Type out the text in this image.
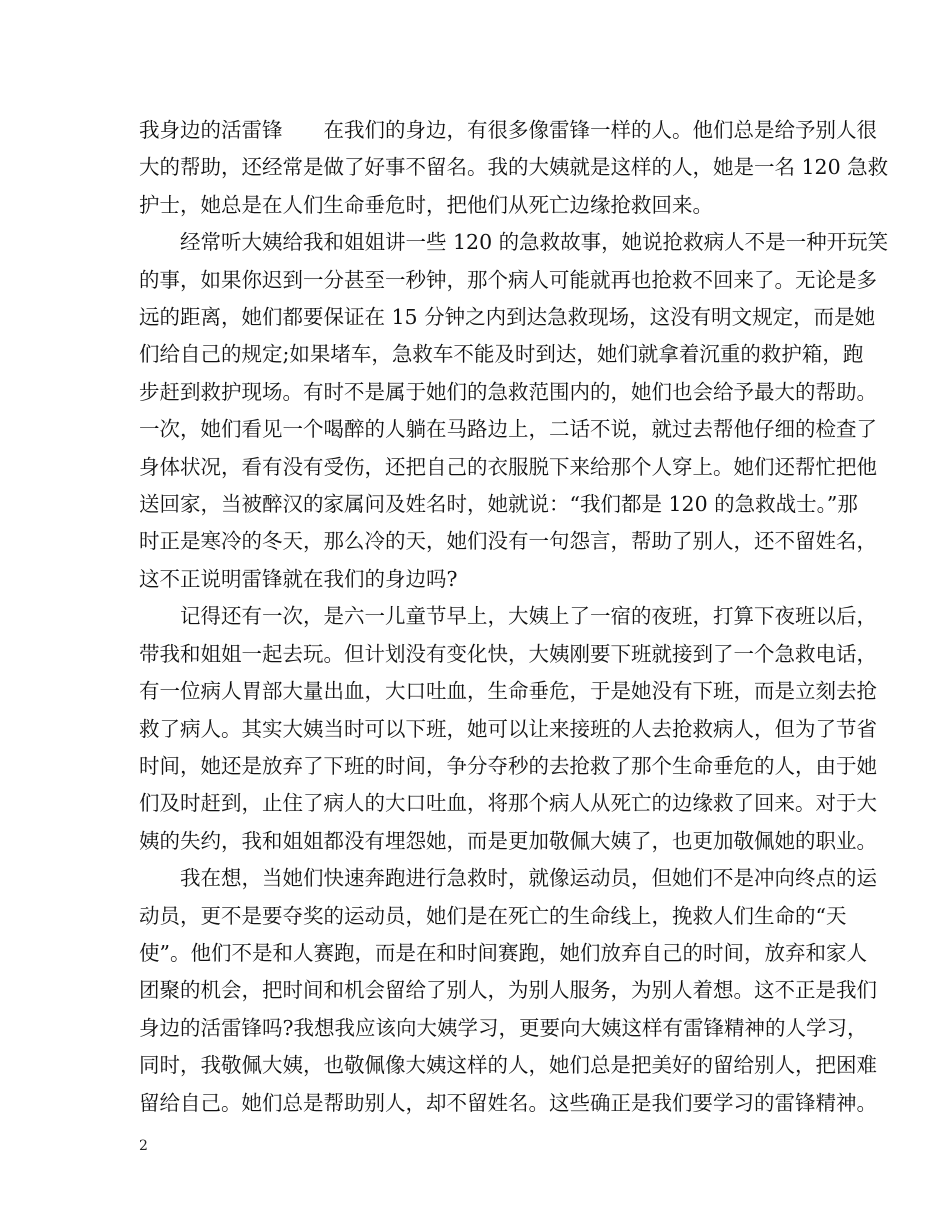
我身边的活雷锋 在我们的身边，有很多像雷锋一样的人。他们总是给予别人很
大的帮助，还经常是做了好事不留名。我的大姨就是这样的人，她是一名 120 急救
护士，她总是在人们生命垂危时，把他们从死亡边缘抢救回来。

经常听大姨给我和姐姐讲一些 120 的急救故事，她说抢救病人不是一种开玩笑
的事，如果你迟到一分甚至一秒钟，那个病人可能就再也抢救不回来了。无论是多
远的距离，她们都要保证在 15 分钟之内到达急救现场，这没有明文规定，而是她
们给自己的规定;如果堵车，急救车不能及时到达，她们就拿着沉重的救护箱，跑
步赶到救护现场。有时不是属于她们的急救范围内的，她们也会给予最大的帮助。
一次，她们看见一个喝醉的人躺在马路边上，二话不说，就过去帮他仔细的检查了
身体状况，看有没有受伤，还把自己的衣服脱下来给那个人穿上。她们还帮忙把他
送回家，当被醉汉的家属问及姓名时，她就说：“我们都是 120 的急救战士。”那
时正是寒冷的冬天，那么冷的天，她们没有一句怨言，帮助了别人，还不留姓名，
这不正说明雷锋就在我们的身边吗?

记得还有一次，是六一儿童节早上，大姨上了一宿的夜班，打算下夜班以后，
带我和姐姐一起去玩。但计划没有变化快，大姨刚要下班就接到了一个急救电话，
有一位病人胃部大量出血，大口吐血，生命垂危，于是她没有下班，而是立刻去抢
救了病人。其实大姨当时可以下班，她可以让来接班的人去抢救病人，但为了节省
时间，她还是放弃了下班的时间，争分夺秒的去抢救了那个生命垂危的人，由于她
们及时赶到，止住了病人的大口吐血，将那个病人从死亡的边缘救了回来。对于大
姨的失约，我和姐姐都没有埋怨她，而是更加敬佩大姨了，也更加敬佩她的职业。

我在想，当她们快速奔跑进行急救时，就像运动员，但她们不是冲向终点的运
动员，更不是要夺奖的运动员，她们是在死亡的生命线上，挽救人们生命的“天
使”。他们不是和人赛跑，而是在和时间赛跑，她们放弃自己的时间，放弃和家人
团聚的机会，把时间和机会留给了别人，为别人服务，为别人着想。这不正是我们
身边的活雷锋吗?我想我应该向大姨学习，更要向大姨这样有雷锋精神的人学习，
同时，我敬佩大姨，也敬佩像大姨这样的人，她们总是把美好的留给别人，把困难
留给自己。她们总是帮助别人，却不留姓名。这些确正是我们要学习的雷锋精神。

2
